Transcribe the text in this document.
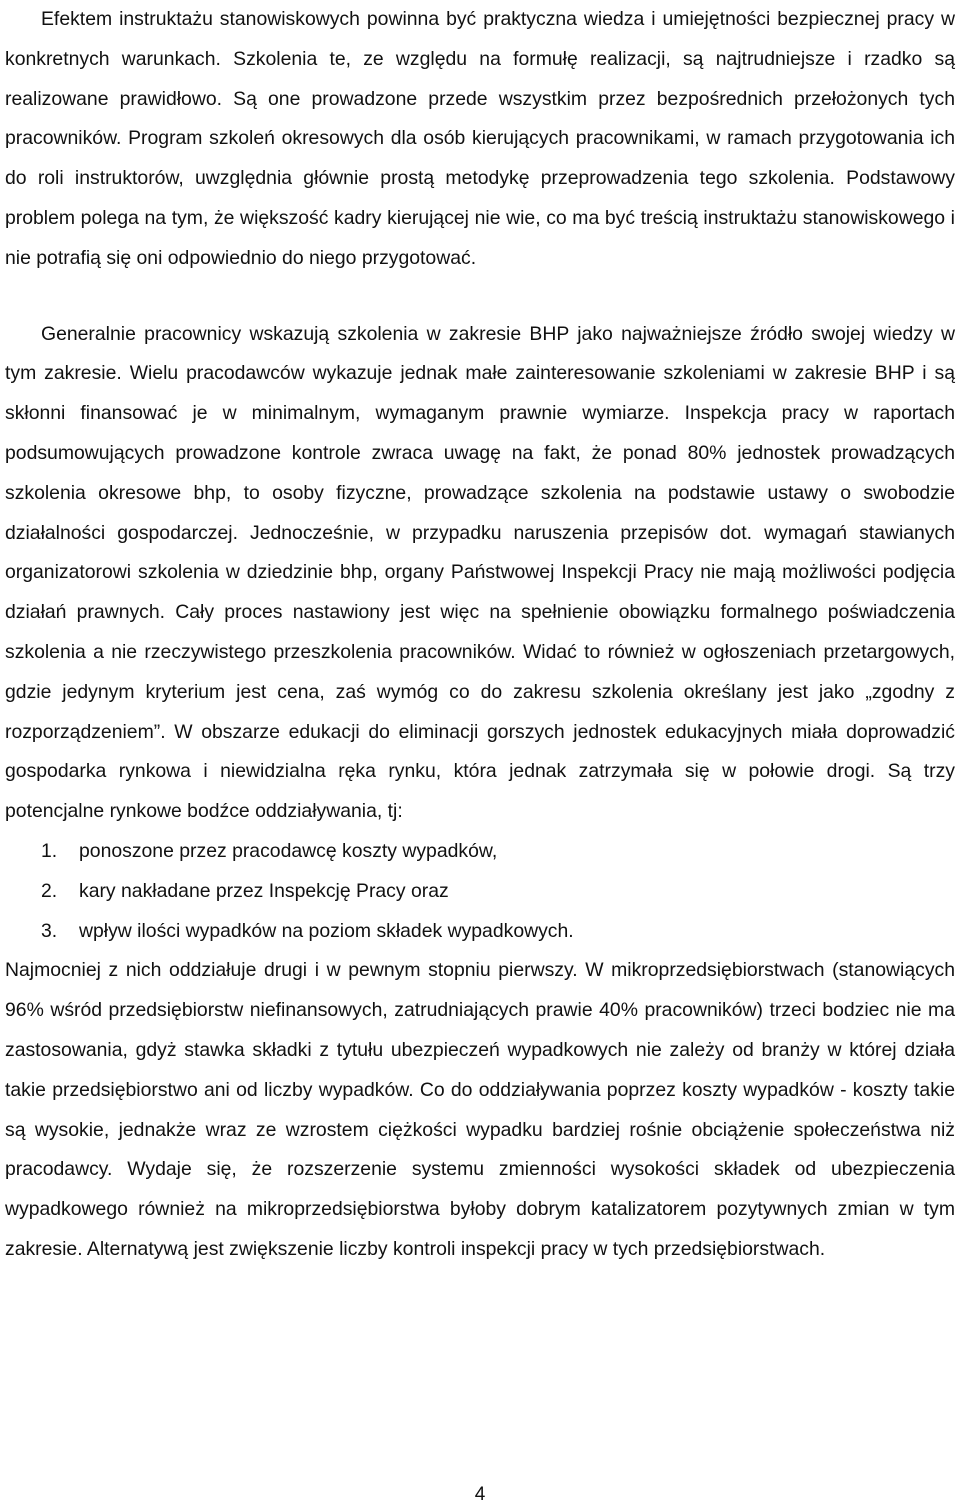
Efektem instruktażu stanowiskowych powinna być praktyczna wiedza i umiejętności bezpiecznej pracy w konkretnych warunkach. Szkolenia te, ze względu na formułę realizacji, są najtrudniejsze i rzadko są realizowane prawidłowo. Są one prowadzone przede wszystkim przez bezpośrednich przełożonych tych pracowników. Program szkoleń okresowych dla osób kierujących pracownikami, w ramach przygotowania ich do roli instruktorów, uwzględnia głównie prostą metodykę przeprowadzenia tego szkolenia. Podstawowy problem polega na tym, że większość kadry kierującej nie wie, co ma być treścią instruktażu stanowiskowego i nie potrafią się oni odpowiednio do niego przygotować.

Generalnie pracownicy wskazują szkolenia w zakresie BHP jako najważniejsze źródło swojej wiedzy w tym zakresie. Wielu pracodawców wykazuje jednak małe zainteresowanie szkoleniami w zakresie BHP i są skłonni finansować je w minimalnym, wymaganym prawnie wymiarze. Inspekcja pracy w raportach podsumowujących prowadzone kontrole zwraca uwagę na fakt, że ponad 80% jednostek prowadzących szkolenia okresowe bhp, to osoby fizyczne, prowadzące szkolenia na podstawie ustawy o swobodzie działalności gospodarczej. Jednocześnie, w przypadku naruszenia przepisów dot. wymagań stawianych organizatorowi szkolenia w dziedzinie bhp, organy Państwowej Inspekcji Pracy nie mają możliwości podjęcia działań prawnych. Cały proces nastawiony jest więc na spełnienie obowiązku formalnego poświadczenia szkolenia a nie rzeczywistego przeszkolenia pracowników. Widać to również w ogłoszeniach przetargowych, gdzie jedynym kryterium jest cena, zaś wymóg co do zakresu szkolenia określany jest jako „zgodny z rozporządzeniem”. W obszarze edukacji do eliminacji gorszych jednostek edukacyjnych miała doprowadzić gospodarka rynkowa i niewidzialna ręka rynku, która jednak zatrzymała się w połowie drogi. Są trzy potencjalne rynkowe bodźce oddziaływania, tj:

1.	ponoszone przez pracodawcę koszty wypadków,
2.	kary nakładane przez Inspekcję Pracy oraz
3.	wpływ ilości wypadków na poziom składek wypadkowych.

Najmocniej z nich oddziałuje drugi i w pewnym stopniu pierwszy. W mikroprzedsiębiorstwach (stanowiących 96% wśród przedsiębiorstw niefinansowych, zatrudniających prawie 40% pracowników) trzeci bodziec nie ma zastosowania, gdyż stawka składki z tytułu ubezpieczeń wypadkowych nie zależy od branży w której działa takie przedsiębiorstwo ani od liczby wypadków. Co do oddziaływania poprzez koszty wypadków - koszty takie są wysokie, jednakże wraz ze wzrostem ciężkości wypadku bardziej rośnie obciążenie społeczeństwa niż pracodawcy. Wydaje się, że rozszerzenie systemu zmienności wysokości składek od ubezpieczenia wypadkowego również na mikroprzedsiębiorstwa byłoby dobrym katalizatorem pozytywnych zmian w tym zakresie. Alternatywą jest zwiększenie liczby kontroli inspekcji pracy w tych przedsiębiorstwach.

4
